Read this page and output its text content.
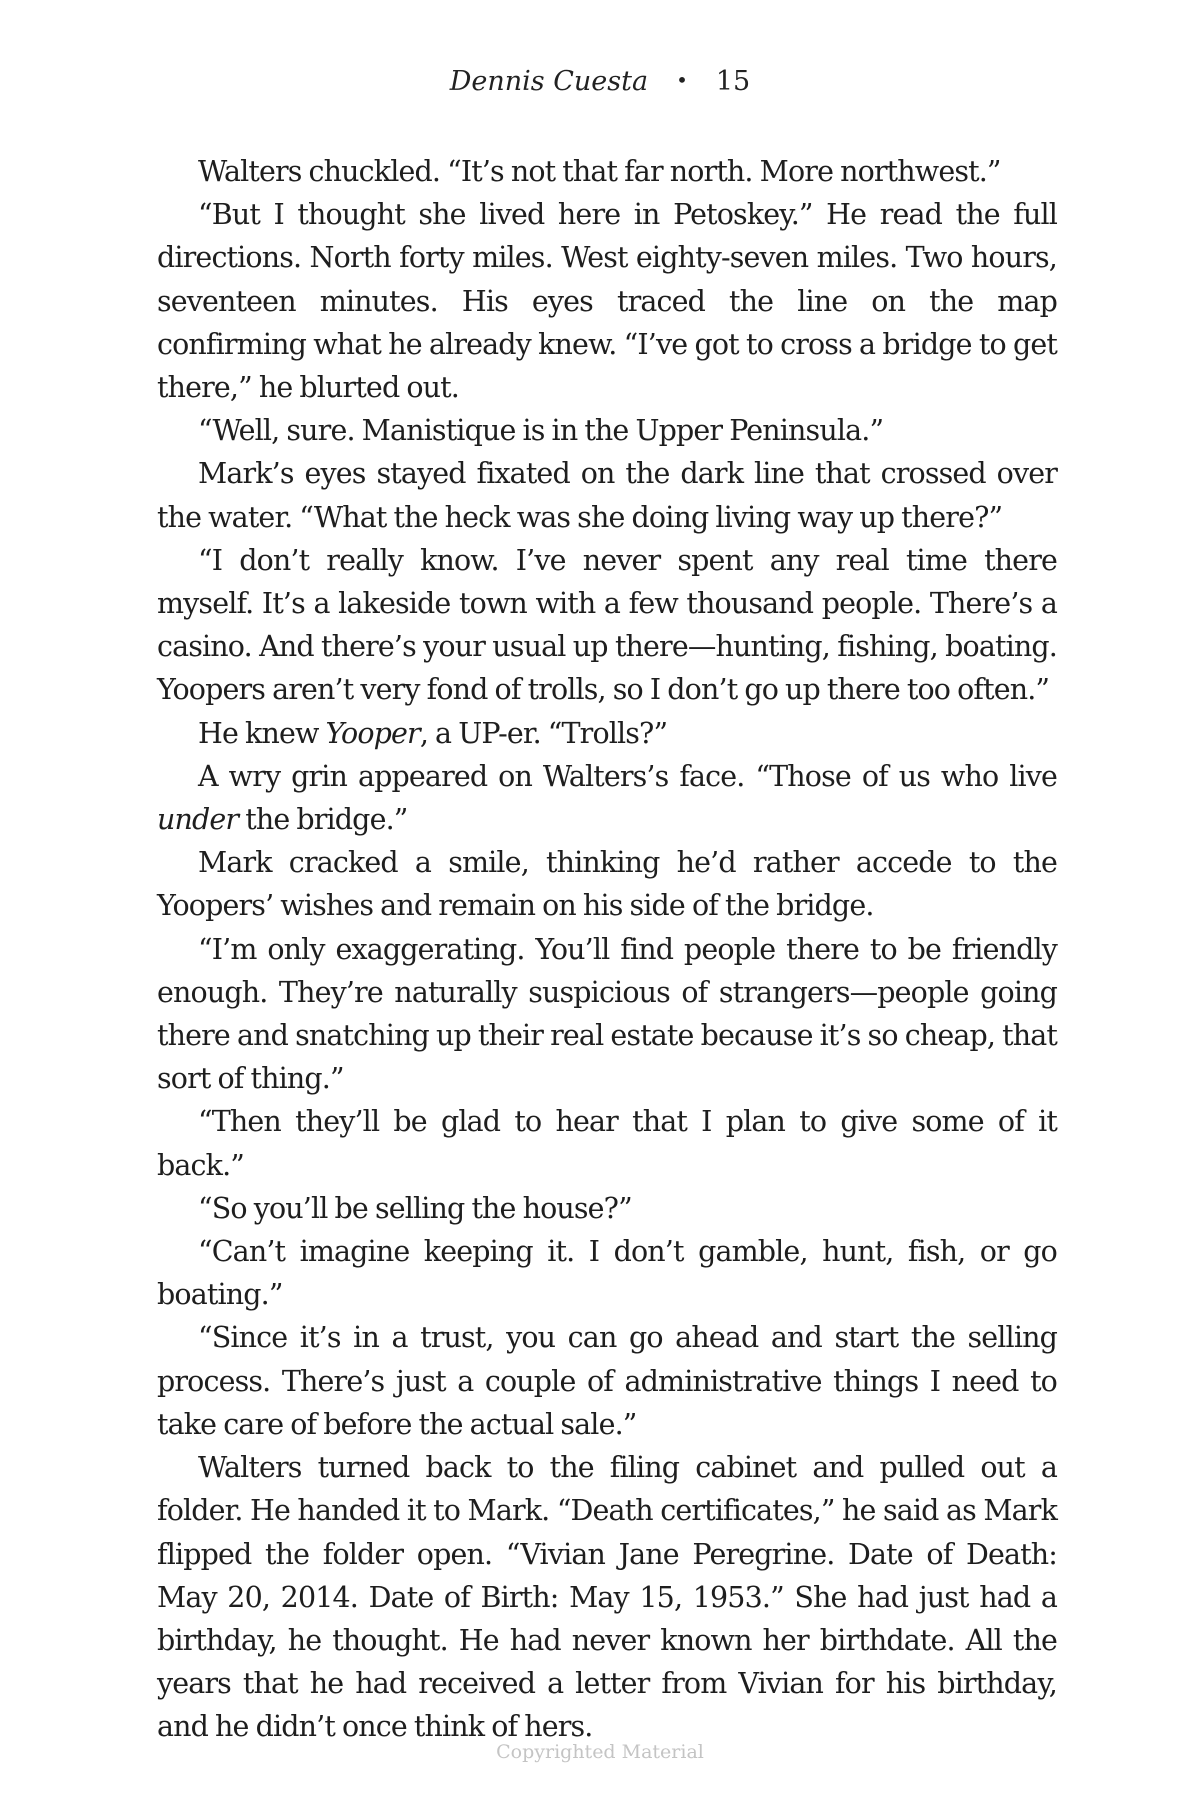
Dennis Cuesta • 15

Walters chuckled. “It’s not that far north. More northwest.”

“But I thought she lived here in Petoskey.” He read the full directions. North forty miles. West eighty-seven miles. Two hours, seventeen minutes. His eyes traced the line on the map confirming what he already knew. “I’ve got to cross a bridge to get there,” he blurted out.

“Well, sure. Manistique is in the Upper Peninsula.”

Mark’s eyes stayed fixated on the dark line that crossed over the water. “What the heck was she doing living way up there?”

“I don’t really know. I’ve never spent any real time there myself. It’s a lakeside town with a few thousand people. There’s a casino. And there’s your usual up there—hunting, fishing, boating. Yoopers aren’t very fond of trolls, so I don’t go up there too often.”

He knew Yooper, a UP-er. “Trolls?”

A wry grin appeared on Walters’s face. “Those of us who live under the bridge.”

Mark cracked a smile, thinking he’d rather accede to the Yoopers’ wishes and remain on his side of the bridge.

“I’m only exaggerating. You’ll find people there to be friendly enough. They’re naturally suspicious of strangers—people going there and snatching up their real estate because it’s so cheap, that sort of thing.”

“Then they’ll be glad to hear that I plan to give some of it back.”

“So you’ll be selling the house?”

“Can’t imagine keeping it. I don’t gamble, hunt, fish, or go boating.”

“Since it’s in a trust, you can go ahead and start the selling process. There’s just a couple of administrative things I need to take care of before the actual sale.”

Walters turned back to the filing cabinet and pulled out a folder. He handed it to Mark. “Death certificates,” he said as Mark flipped the folder open. “Vivian Jane Peregrine. Date of Death: May 20, 2014. Date of Birth: May 15, 1953.” She had just had a birthday, he thought. He had never known her birthdate. All the years that he had received a letter from Vivian for his birthday, and he didn’t once think of hers.

Copyrighted Material
